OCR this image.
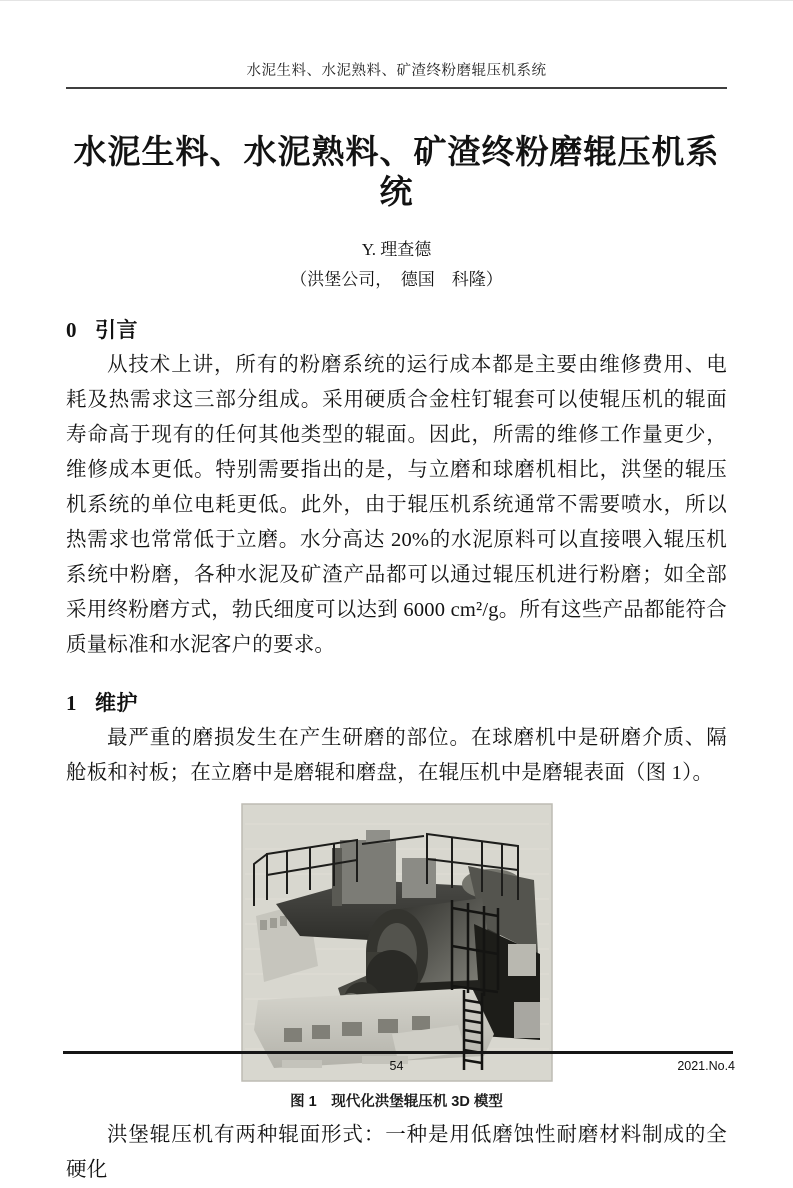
水泥生料、水泥熟料、矿渣终粉磨辊压机系统
水泥生料、水泥熟料、矿渣终粉磨辊压机系统
Y. 理查德
（洪堡公司，　德国　科隆）
0 引言

从技术上讲，所有的粉磨系统的运行成本都是主要由维修费用、电耗及热需求这三部分组成。采用硬质合金柱钉辊套可以使辊压机的辊面寿命高于现有的任何其他类型的辊面。因此，所需的维修工作量更少，维修成本更低。特别需要指出的是，与立磨和球磨机相比，洪堡的辊压机系统的单位电耗更低。此外，由于辊压机系统通常不需要喷水，所以热需求也常常低于立磨。水分高达 20%的水泥原料可以直接喂入辊压机系统中粉磨，各种水泥及矿渣产品都可以通过辊压机进行粉磨；如全部采用终粉磨方式，勃氏细度可以达到 6000 cm²/g。所有这些产品都能符合质量标准和水泥客户的要求。

1 维护

最严重的磨损发生在产生研磨的部位。在球磨机中是研磨介质、隔舱板和衬板；在立磨中是磨辊和磨盘，在辊压机中是磨辊表面（图 1）。

图 1　现代化洪堡辊压机 3D 模型

洪堡辊压机有两种辊面形式：一种是用低磨蚀性耐磨材料制成的全硬化

54	2021.No.4
